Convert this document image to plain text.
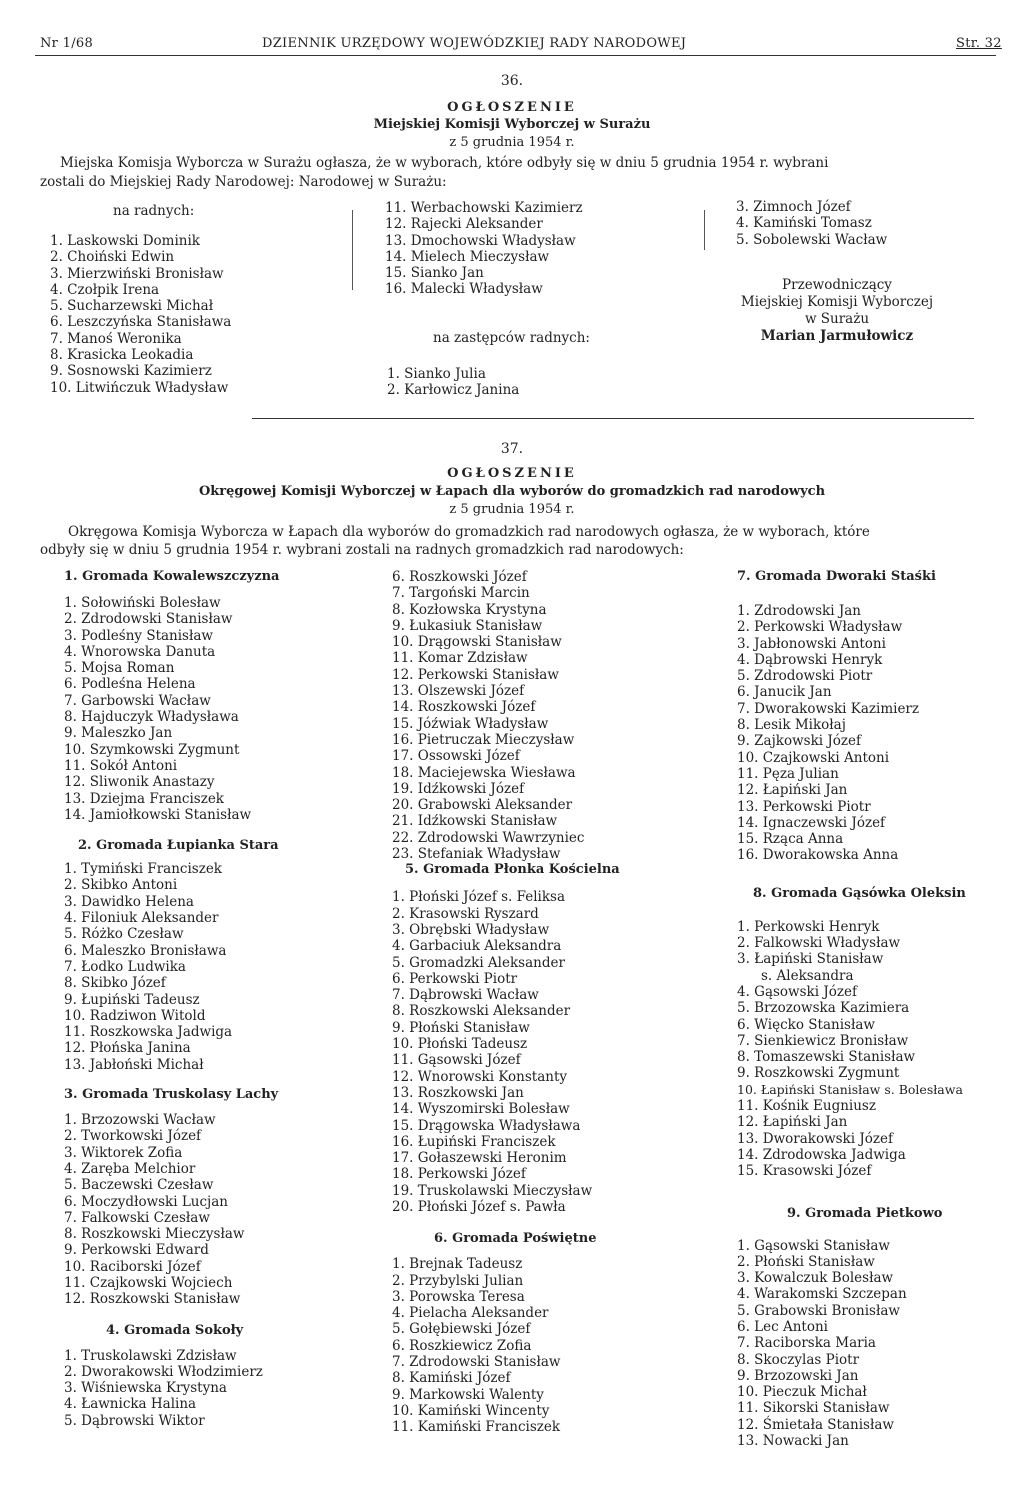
Nr 1/68	DZIENNIK URZĘDOWY WOJEWÓDZKIEJ RADY NARODOWEJ	Str. 32
36.
OGŁOSZENIE
Miejskiej Komisji Wyborczej w Surażu
z 5 grudnia 1954 r.
Miejska Komisja Wyborcza w Surażu ogłasza, że w wyborach, które odbyły się w dniu 5 grudnia 1954 r. wybrani
zostali do Miejskiej Rady Narodowej: Narodowej w Surażu:
na radnych:
1. Laskowski Dominik
2. Choiński Edwin
3. Mierzwiński Bronisław
4. Czołpik Irena
5. Sucharzewski Michał
6. Leszczyńska Stanisława
7. Manoś Weronika
8. Krasicka Leokadia
9. Sosnowski Kazimierz
10. Litwińczuk Władysław
11. Werbachowski Kazimierz
12. Rajecki Aleksander
13. Dmochowski Władysław
14. Mielech Mieczysław
15. Sianko Jan
16. Malecki Władysław
na zastępców radnych:
1. Sianko Julia
2. Karłowicz Janina
3. Zimnoch Józef
4. Kamiński Tomasz
5. Sobolewski Wacław
Przewodniczący
Miejskiej Komisji Wyborczej
w Surażu
Marian Jarmułowicz
37.
OGŁOSZENIE
Okręgowej Komisji Wyborczej w Łapach dla wyborów do gromadzkich rad narodowych
z 5 grudnia 1954 r.
Okręgowa Komisja Wyborcza w Łapach dla wyborów do gromadzkich rad narodowych ogłasza, że w wyborach, które
odbyły się w dniu 5 grudnia 1954 r. wybrani zostali na radnych gromadzkich rad narodowych:
1. Gromada Kowalewszczyzna
1. Sołowiński Bolesław
2. Zdrodowski Stanisław
3. Podleśny Stanisław
4. Wnorowska Danuta
5. Mojsa Roman
6. Podleśna Helena
7. Garbowski Wacław
8. Hajduczyk Władysława
9. Maleszko Jan
10. Szymkowski Zygmunt
11. Sokół Antoni
12. Sliwonik Anastazy
13. Dziejma Franciszek
14. Jamiołkowski Stanisław
2. Gromada Łupianka Stara
1. Tymiński Franciszek
2. Skibko Antoni
3. Dawidko Helena
4. Filoniuk Aleksander
5. Różko Czesław
6. Maleszko Bronisława
7. Łodko Ludwika
8. Skibko Józef
9. Łupiński Tadeusz
10. Radziwon Witold
11. Roszkowska Jadwiga
12. Płońska Janina
13. Jabłoński Michał
3. Gromada Truskolasy Lachy
1. Brzozowski Wacław
2. Tworkowski Józef
3. Wiktorek Zofia
4. Zaręba Melchior
5. Baczewski Czesław
6. Moczydłowski Lucjan
7. Falkowski Czesław
8. Roszkowski Mieczysław
9. Perkowski Edward
10. Raciborski Józef
11. Czajkowski Wojciech
12. Roszkowski Stanisław
4. Gromada Sokoły
1. Truskolawski Zdzisław
2. Dworakowski Włodzimierz
3. Wiśniewska Krystyna
4. Ławnicka Halina
5. Dąbrowski Wiktor
6. Roszkowski Józef
7. Targoński Marcin
8. Kozłowska Krystyna
9. Łukasiuk Stanisław
10. Drągowski Stanisław
11. Komar Zdzisław
12. Perkowski Stanisław
13. Olszewski Józef
14. Roszkowski Józef
15. Jóźwiak Władysław
16. Pietruczak Mieczysław
17. Ossowski Józef
18. Maciejewska Wiesława
19. Idźkowski Józef
20. Grabowski Aleksander
21. Idźkowski Stanisław
22. Zdrodowski Wawrzyniec
23. Stefaniak Władysław
5. Gromada Płonka Kościelna
1. Płoński Józef s. Feliksa
2. Krasowski Ryszard
3. Obrębski Władysław
4. Garbaciuk Aleksandra
5. Gromadzki Aleksander
6. Perkowski Piotr
7. Dąbrowski Wacław
8. Roszkowski Aleksander
9. Płoński Stanisław
10. Płoński Tadeusz
11. Gąsowski Józef
12. Wnorowski Konstanty
13. Roszkowski Jan
14. Wyszomirski Bolesław
15. Drągowska Władysława
16. Łupiński Franciszek
17. Gołaszewski Heronim
18. Perkowski Józef
19. Truskolawski Mieczysław
20. Płoński Józef s. Pawła
6. Gromada Poświętne
1. Brejnak Tadeusz
2. Przybylski Julian
3. Porowska Teresa
4. Pielacha Aleksander
5. Gołębiewski Józef
6. Roszkiewicz Zofia
7. Zdrodowski Stanisław
8. Kamiński Józef
9. Markowski Walenty
10. Kamiński Wincenty
11. Kamiński Franciszek
7. Gromada Dworaki Staśki
1. Zdrodowski Jan
2. Perkowski Władysław
3. Jabłonowski Antoni
4. Dąbrowski Henryk
5. Zdrodowski Piotr
6. Janucik Jan
7. Dworakowski Kazimierz
8. Lesik Mikołaj
9. Zajkowski Józef
10. Czajkowski Antoni
11. Pęza Julian
12. Łapiński Jan
13. Perkowski Piotr
14. Ignaczewski Józef
15. Rząca Anna
16. Dworakowska Anna
8. Gromada Gąsówka Oleksin
1. Perkowski Henryk
2. Falkowski Władysław
3. Łapiński Stanisław
s. Aleksandra
4. Gąsowski Józef
5. Brzozowska Kazimiera
6. Więcko Stanisław
7. Sienkiewicz Bronisław
8. Tomaszewski Stanisław
9. Roszkowski Zygmunt
10. Łapiński Stanisław s. Bolesława
11. Kośnik Eugniusz
12. Łapiński Jan
13. Dworakowski Józef
14. Zdrodowska Jadwiga
15. Krasowski Józef
9. Gromada Pietkowo
1. Gąsowski Stanisław
2. Płoński Stanisław
3. Kowalczuk Bolesław
4. Warakomski Szczepan
5. Grabowski Bronisław
6. Lec Antoni
7. Raciborska Maria
8. Skoczylas Piotr
9. Brzozowski Jan
10. Pieczuk Michał
11. Sikorski Stanisław
12. Śmietała Stanisław
13. Nowacki Jan
